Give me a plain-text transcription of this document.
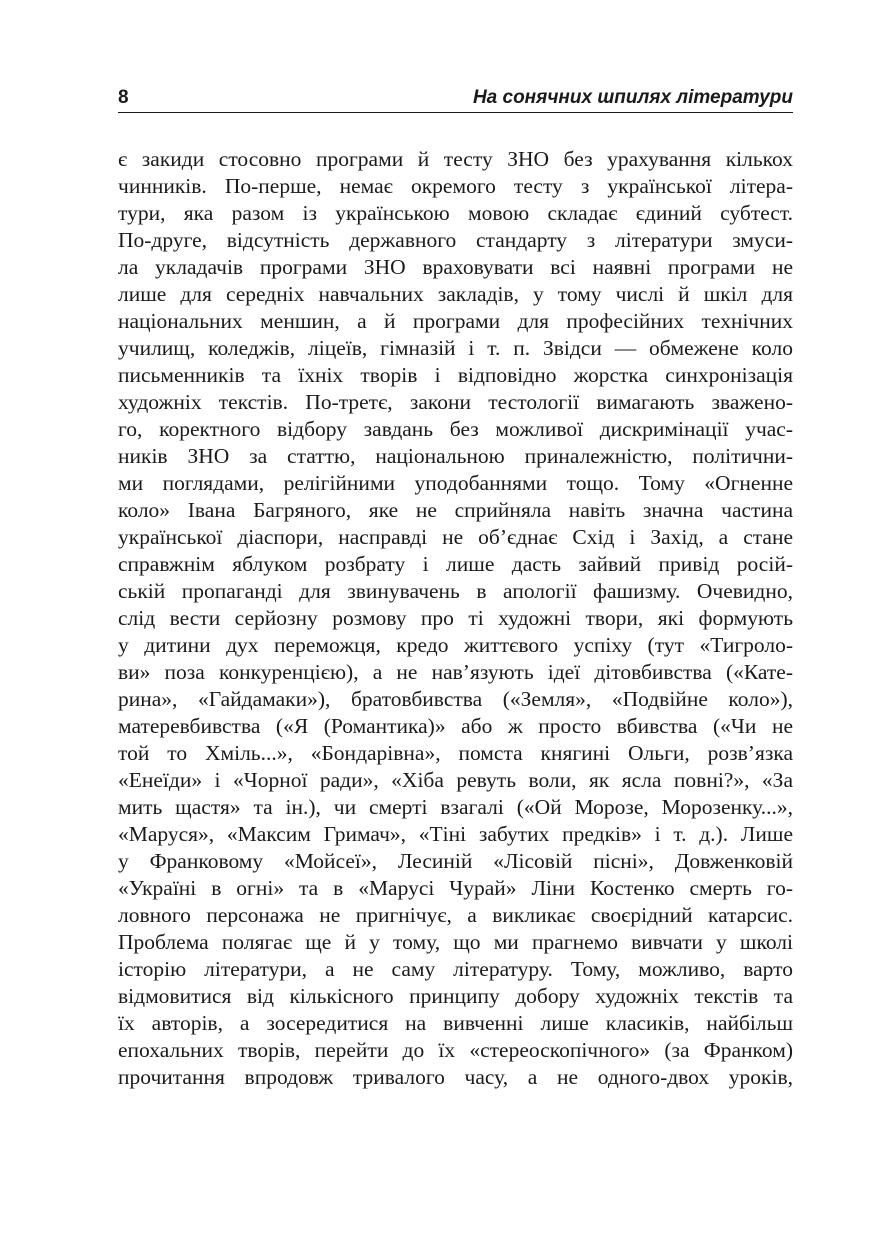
8	На сонячних шпилях літератури
є закиди стосовно програми й тесту ЗНО без урахування кількох
чинників. По-перше, немає окремого тесту з української літера-
тури, яка разом із українською мовою складає єдиний субтест.
По-друге, відсутність державного стандарту з літератури змуси-
ла укладачів програми ЗНО враховувати всі наявні програми не
лише для середніх навчальних закладів, у тому числі й шкіл для
національних меншин, а й програми для професійних технічних
училищ, коледжів, ліцеїв, гімназій і т. п. Звідси — обмежене коло
письменників та їхніх творів і відповідно жорстка синхронізація
художніх текстів. По-третє, закони тестології вимагають зважено-
го, коректного відбору завдань без можливої дискримінації учас-
ників ЗНО за статтю, національною приналежністю, політични-
ми поглядами, релігійними уподобаннями тощо. Тому «Огненне
коло» Івана Багряного, яке не сприйняла навіть значна частина
української діаспори, насправді не об’єднає Схід і Захід, а стане
справжнім яблуком розбрату і лише дасть зайвий привід росій-
ській пропаганді для звинувачень в апології фашизму. Очевидно,
слід вести серйозну розмову про ті художні твори, які формують
у дитини дух переможця, кредо життєвого успіху (тут «Тигроло-
ви» поза конкуренцією), а не нав’язують ідеї дітовбивства («Кате-
рина», «Гайдамаки»), братовбивства («Земля», «Подвійне коло»),
матеревбивства («Я (Романтика)» або ж просто вбивства («Чи не
той то Хміль...», «Бондарівна», помста княгині Ольги, розв’язка
«Енеїди» і «Чорної ради», «Хіба ревуть воли, як ясла повні?», «За
мить щастя» та ін.), чи смерті взагалі («Ой Морозе, Морозенку...»,
«Маруся», «Максим Гримач», «Тіні забутих предків» і т. д.). Лише
у Франковому «Мойсеї», Лесиній «Лісовій пісні», Довженковій
«Україні в огні» та в «Марусі Чурай» Ліни Костенко смерть го-
ловного персонажа не пригнічує, а викликає своєрідний катарсис.
Проблема полягає ще й у тому, що ми прагнемо вивчати у школі
історію літератури, а не саму літературу. Тому, можливо, варто
відмовитися від кількісного принципу добору художніх текстів та
їх авторів, а зосередитися на вивченні лише класиків, найбільш
епохальних творів, перейти до їх «стереоскопічного» (за Франком)
прочитання впродовж тривалого часу, а не одного-двох уроків,
